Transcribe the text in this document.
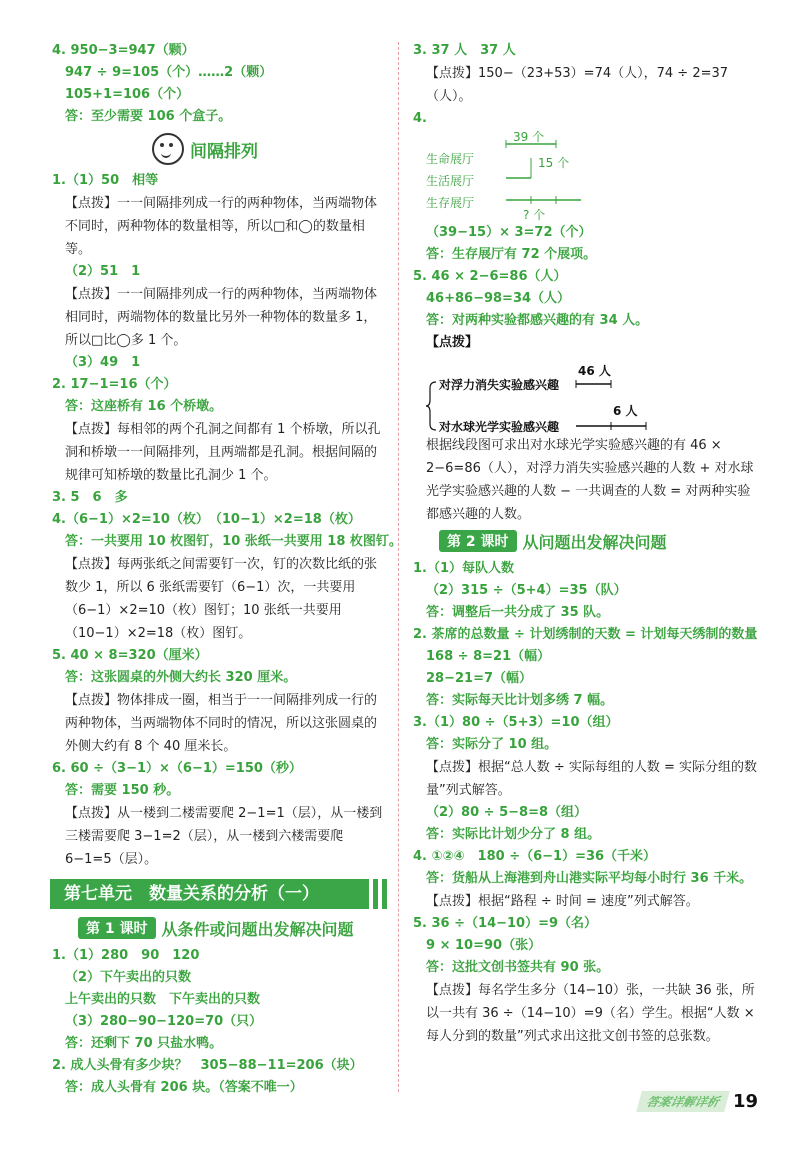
4. 950−3=947（颗）
947 ÷ 9=105（个）……2（颗）
105+1=106（个）
答：至少需要 106 个盒子。
间隔排列
1.（1）50　相等
【点拨】一一间隔排列成一行的两种物体，当两端物体不同时，两种物体的数量相等，所以□和◯的数量相等。
（2）51　1
【点拨】一一间隔排列成一行的两种物体，当两端物体相同时，两端物体的数量比另外一种物体的数量多 1，所以□比◯多 1 个。
（3）49　1
2. 17−1=16（个）
答：这座桥有 16 个桥墩。
【点拨】每相邻的两个孔洞之间都有 1 个桥墩，所以孔洞和桥墩一一间隔排列，且两端都是孔洞。根据间隔的规律可知桥墩的数量比孔洞少 1 个。
3. 5　6　多
4.（6−1）×2=10（枚）　（10−1）×2=18（枚）
答：一共要用 10 枚图钉，10 张纸一共要用 18 枚图钉。
【点拨】每两张纸之间需要钉一次，钉的次数比纸的张数少 1，所以 6 张纸需要钉（6−1）次，一共要用（6−1）×2=10（枚）图钉；10 张纸一共要用（10−1）×2=18（枚）图钉。
5. 40 × 8=320（厘米）
答：这张圆桌的外侧大约长 320 厘米。
【点拨】物体排成一圈，相当于一一间隔排列成一行的两种物体，当两端物体不同时的情况，所以这张圆桌的外侧大约有 8 个 40 厘米长。
6. 60 ÷（3−1）×（6−1）=150（秒）
答：需要 150 秒。
【点拨】从一楼到二楼需要爬 2−1=1（层），从一楼到三楼需要爬 3−1=2（层），从一楼到六楼需要爬 6−1=5（层）。
第七单元　数量关系的分析（一）
第 1 课时 从条件或问题出发解决问题
1.（1）280　90　120
（2）下午卖出的只数
上午卖出的只数　下午卖出的只数
（3）280−90−120=70（只）
答：还剩下 70 只盐水鸭。
2. 成人头骨有多少块？　305−88−11=206（块）
答：成人头骨有 206 块。（答案不唯一）
3. 37 人　37 人
【点拨】150−（23+53）=74（人），74 ÷ 2=37（人）。
4.
39 个
生命展厅	15 个
生活展厅
生存展厅
? 个
（39−15）× 3=72（个）
答：生存展厅有 72 个展项。
5. 46 × 2−6=86（人）
46+86−98=34（人）
答：对两种实验都感兴趣的有 34 人。
【点拨】
46 人
对浮力消失实验感兴趣
6 人
对水球光学实验感兴趣
根据线段图可求出对水球光学实验感兴趣的有 46 × 2−6=86（人），对浮力消失实验感兴趣的人数 + 对水球光学实验感兴趣的人数 − 一共调查的人数 = 对两种实验都感兴趣的人数。
第 2 课时 从问题出发解决问题
1.（1）每队人数
（2）315 ÷（5+4）=35（队）
答：调整后一共分成了 35 队。
2. 茶席的总数量 ÷ 计划绣制的天数 = 计划每天绣制的数量
168 ÷ 8=21（幅）
28−21=7（幅）
答：实际每天比计划多绣 7 幅。
3.（1）80 ÷（5+3）=10（组）
答：实际分了 10 组。
【点拨】根据“总人数 ÷ 实际每组的人数 = 实际分组的数量”列式解答。
（2）80 ÷ 5−8=8（组）
答：实际比计划少分了 8 组。
4. ①②④　180 ÷（6−1）=36（千米）
答：货船从上海港到舟山港实际平均每小时行 36 千米。
【点拨】根据“路程 ÷ 时间 = 速度”列式解答。
5. 36 ÷（14−10）=9（名）
9 × 10=90（张）
答：这批文创书签共有 90 张。
【点拨】每名学生多分（14−10）张，一共缺 36 张，所以一共有 36 ÷（14−10）=9（名）学生。根据“人数 × 每人分到的数量”列式求出这批文创书签的总张数。
答案详解详析 19
